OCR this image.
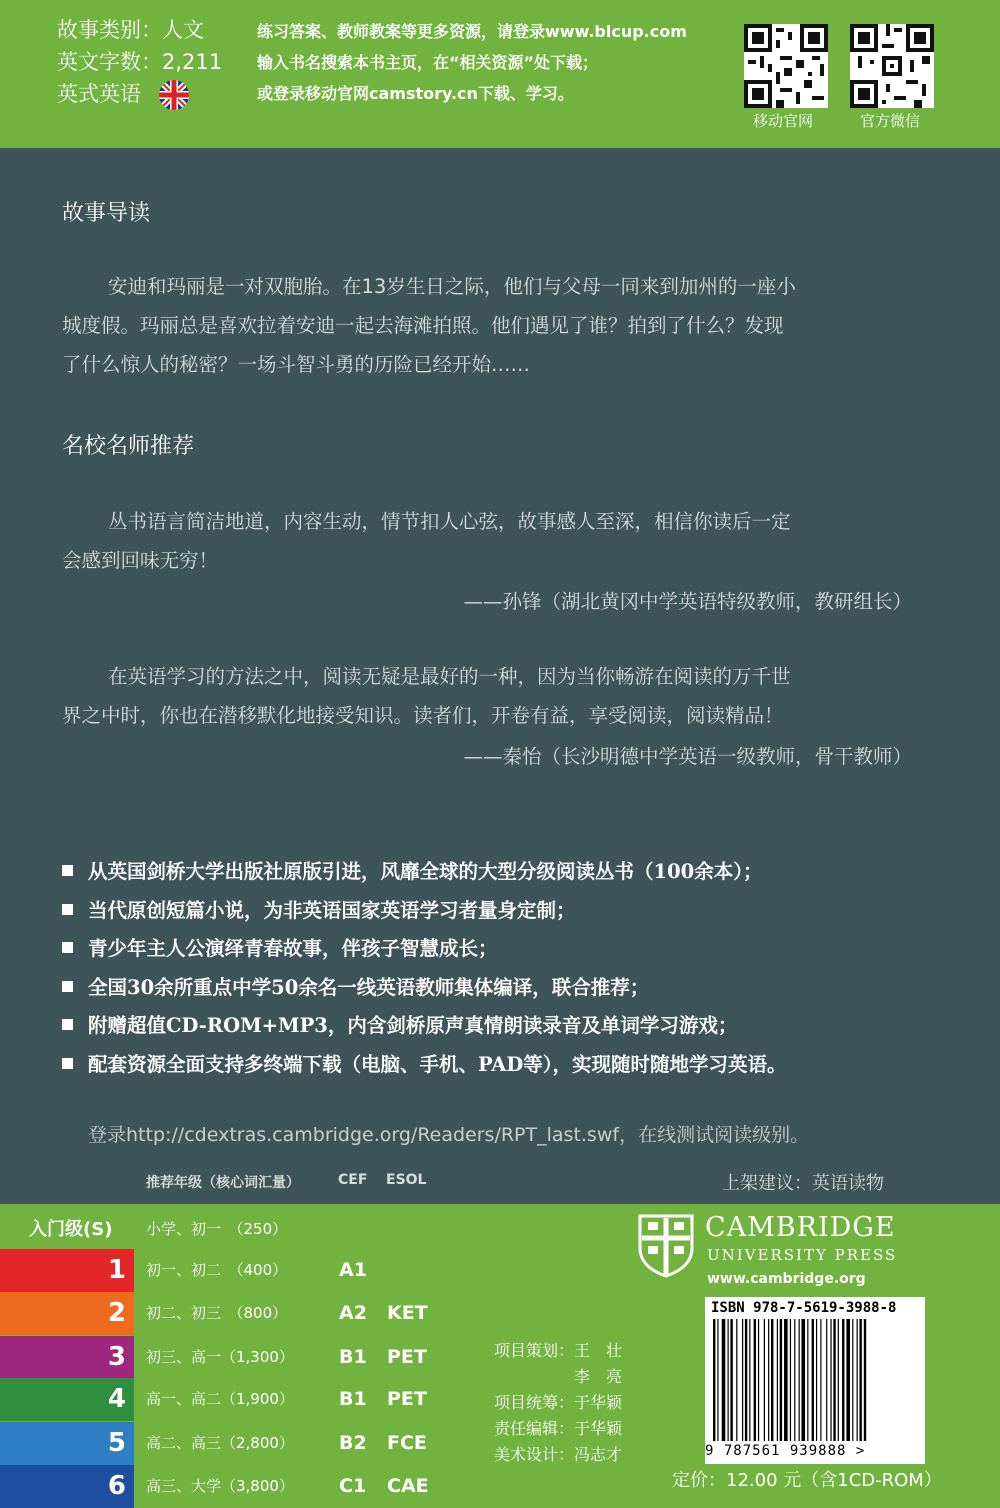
故事类别：人文
英文字数：2,211
英式英语
练习答案、教师教案等更多资源，请登录www.blcup.com
输入书名搜索本书主页，在“相关资源”处下载；
或登录移动官网camstory.cn下载、学习。
移动官网	官方微信
故事导读
安迪和玛丽是一对双胞胎。在13岁生日之际，他们与父母一同来到加州的一座小
城度假。玛丽总是喜欢拉着安迪一起去海滩拍照。他们遇见了谁？拍到了什么？发现
了什么惊人的秘密？一场斗智斗勇的历险已经开始……
名校名师推荐
丛书语言简洁地道，内容生动，情节扣人心弦，故事感人至深，相信你读后一定
会感到回味无穷！
——孙锋（湖北黄冈中学英语特级教师，教研组长）
在英语学习的方法之中，阅读无疑是最好的一种，因为当你畅游在阅读的万千世
界之中时，你也在潜移默化地接受知识。读者们，开卷有益，享受阅读，阅读精品！
——秦怡（长沙明德中学英语一级教师，骨干教师）
从英国剑桥大学出版社原版引进，风靡全球的大型分级阅读丛书（100余本）；
当代原创短篇小说，为非英语国家英语学习者量身定制；
青少年主人公演绎青春故事，伴孩子智慧成长；
全国30余所重点中学50余名一线英语教师集体编译，联合推荐；
附赠超值CD-ROM+MP3，内含剑桥原声真情朗读录音及单词学习游戏；
配套资源全面支持多终端下载（电脑、手机、PAD等），实现随时随地学习英语。
登录http://cdextras.cambridge.org/Readers/RPT_last.swf，在线测试阅读级别。
推荐年级（核心词汇量）	CEF ESOL	上架建议：英语读物
入门级(S) 小学、初一　（250）
1	初一、初二　（400）	A1
2	初二、初三　（800）	A2 KET
3	初三、高一（1,300） B1 PET
4	高一、高二（1,900） B1 PET
5	高二、高三（2,800） B2 FCE
6	高三、大学（3,800） C1 CAE
CAMBRIDGE
UNIVERSITY PRESS
www.cambridge.org
项目策划：王　壮
　　　　　李　亮
项目统筹：于华颖
责任编辑：于华颖
美术设计：冯志才
ISBN 978-7-5619-3988-8
9 787561 939888 >
定价：12.00 元（含1CD-ROM）
